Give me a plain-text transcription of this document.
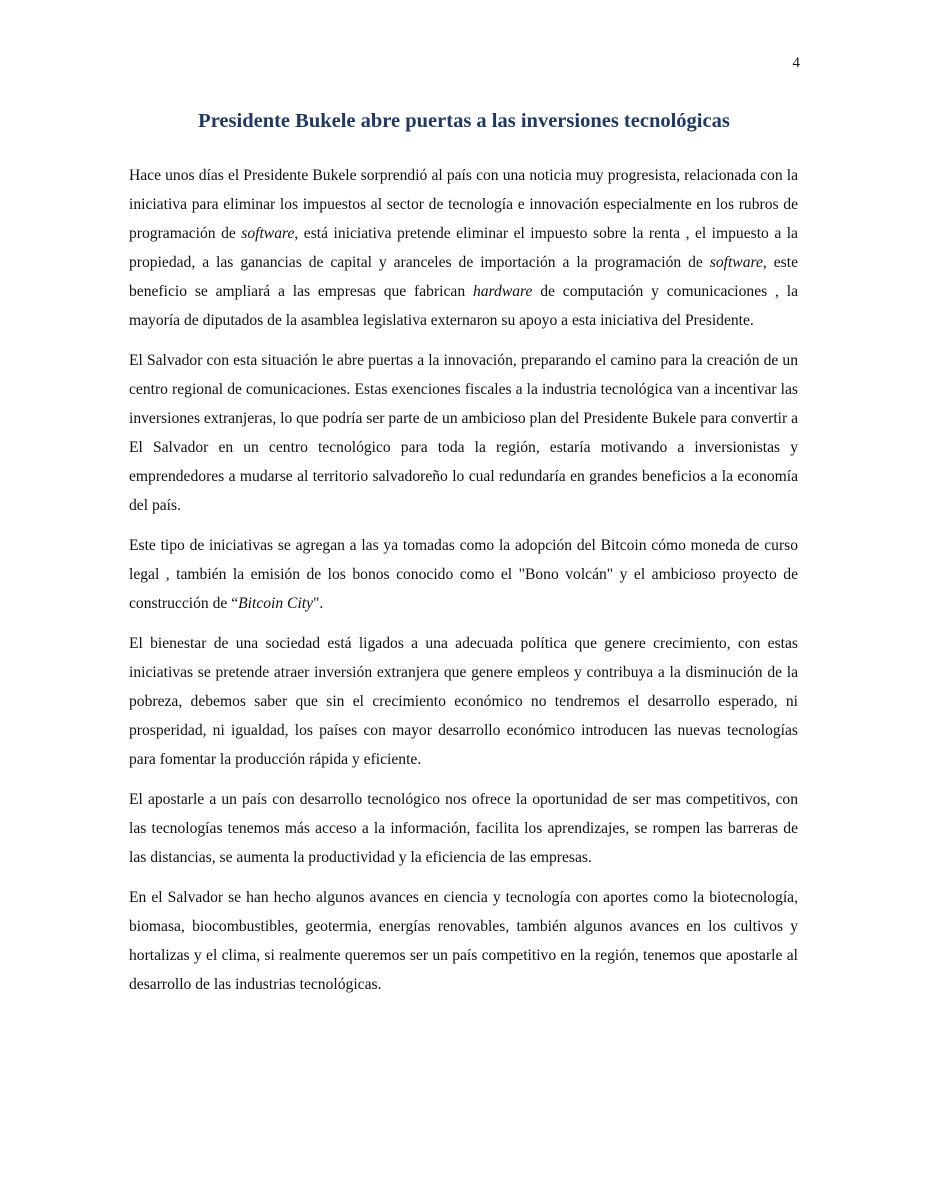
4
Presidente Bukele abre puertas a las inversiones tecnológicas

Hace unos días el Presidente Bukele sorprendió al país con una noticia muy progresista, relacionada con la iniciativa para eliminar los impuestos al sector de tecnología e innovación especialmente en los rubros de programación de software, está iniciativa pretende eliminar el impuesto sobre la renta , el impuesto a la propiedad, a las ganancias de capital y aranceles de importación a la programación de software, este beneficio se ampliará a las empresas que fabrican hardware de computación y comunicaciones , la mayoría de diputados de la asamblea legislativa externaron su apoyo a esta iniciativa del Presidente.

El Salvador con esta situación le abre puertas a la innovación, preparando el camino para la creación de un centro regional de comunicaciones. Estas exenciones fiscales a la industria tecnológica van a incentivar las inversiones extranjeras, lo que podría ser parte de un ambicioso plan del Presidente Bukele para convertir a El Salvador en un centro tecnológico para toda la región, estaría motivando a inversionistas y emprendedores a mudarse al territorio salvadoreño lo cual redundaría en grandes beneficios a la economía del país.

Este tipo de iniciativas se agregan a las ya tomadas como la adopción del Bitcoin cómo moneda de curso legal , también la emisión de los bonos conocido como el "Bono volcán" y el ambicioso proyecto de construcción de “Bitcoin City".

El bienestar de una sociedad está ligados a una adecuada política que genere crecimiento, con estas iniciativas se pretende atraer inversión extranjera que genere empleos y contribuya a la disminución de la pobreza, debemos saber que sin el crecimiento económico no tendremos el desarrollo esperado, ni prosperidad, ni igualdad, los países con mayor desarrollo económico introducen las nuevas tecnologías para fomentar la producción rápida y eficiente.

El apostarle a un país con desarrollo tecnológico nos ofrece la oportunidad de ser mas competitivos, con las tecnologías tenemos más acceso a la información, facilita los aprendizajes, se rompen las barreras de las distancias, se aumenta la productividad y la eficiencia de las empresas.

En el Salvador se han hecho algunos avances en ciencia y tecnología con aportes como la biotecnología, biomasa, biocombustibles, geotermia, energías renovables, también algunos avances en los cultivos y hortalizas y el clima, si realmente queremos ser un país competitivo en la región, tenemos que apostarle al desarrollo de las industrias tecnológicas.
